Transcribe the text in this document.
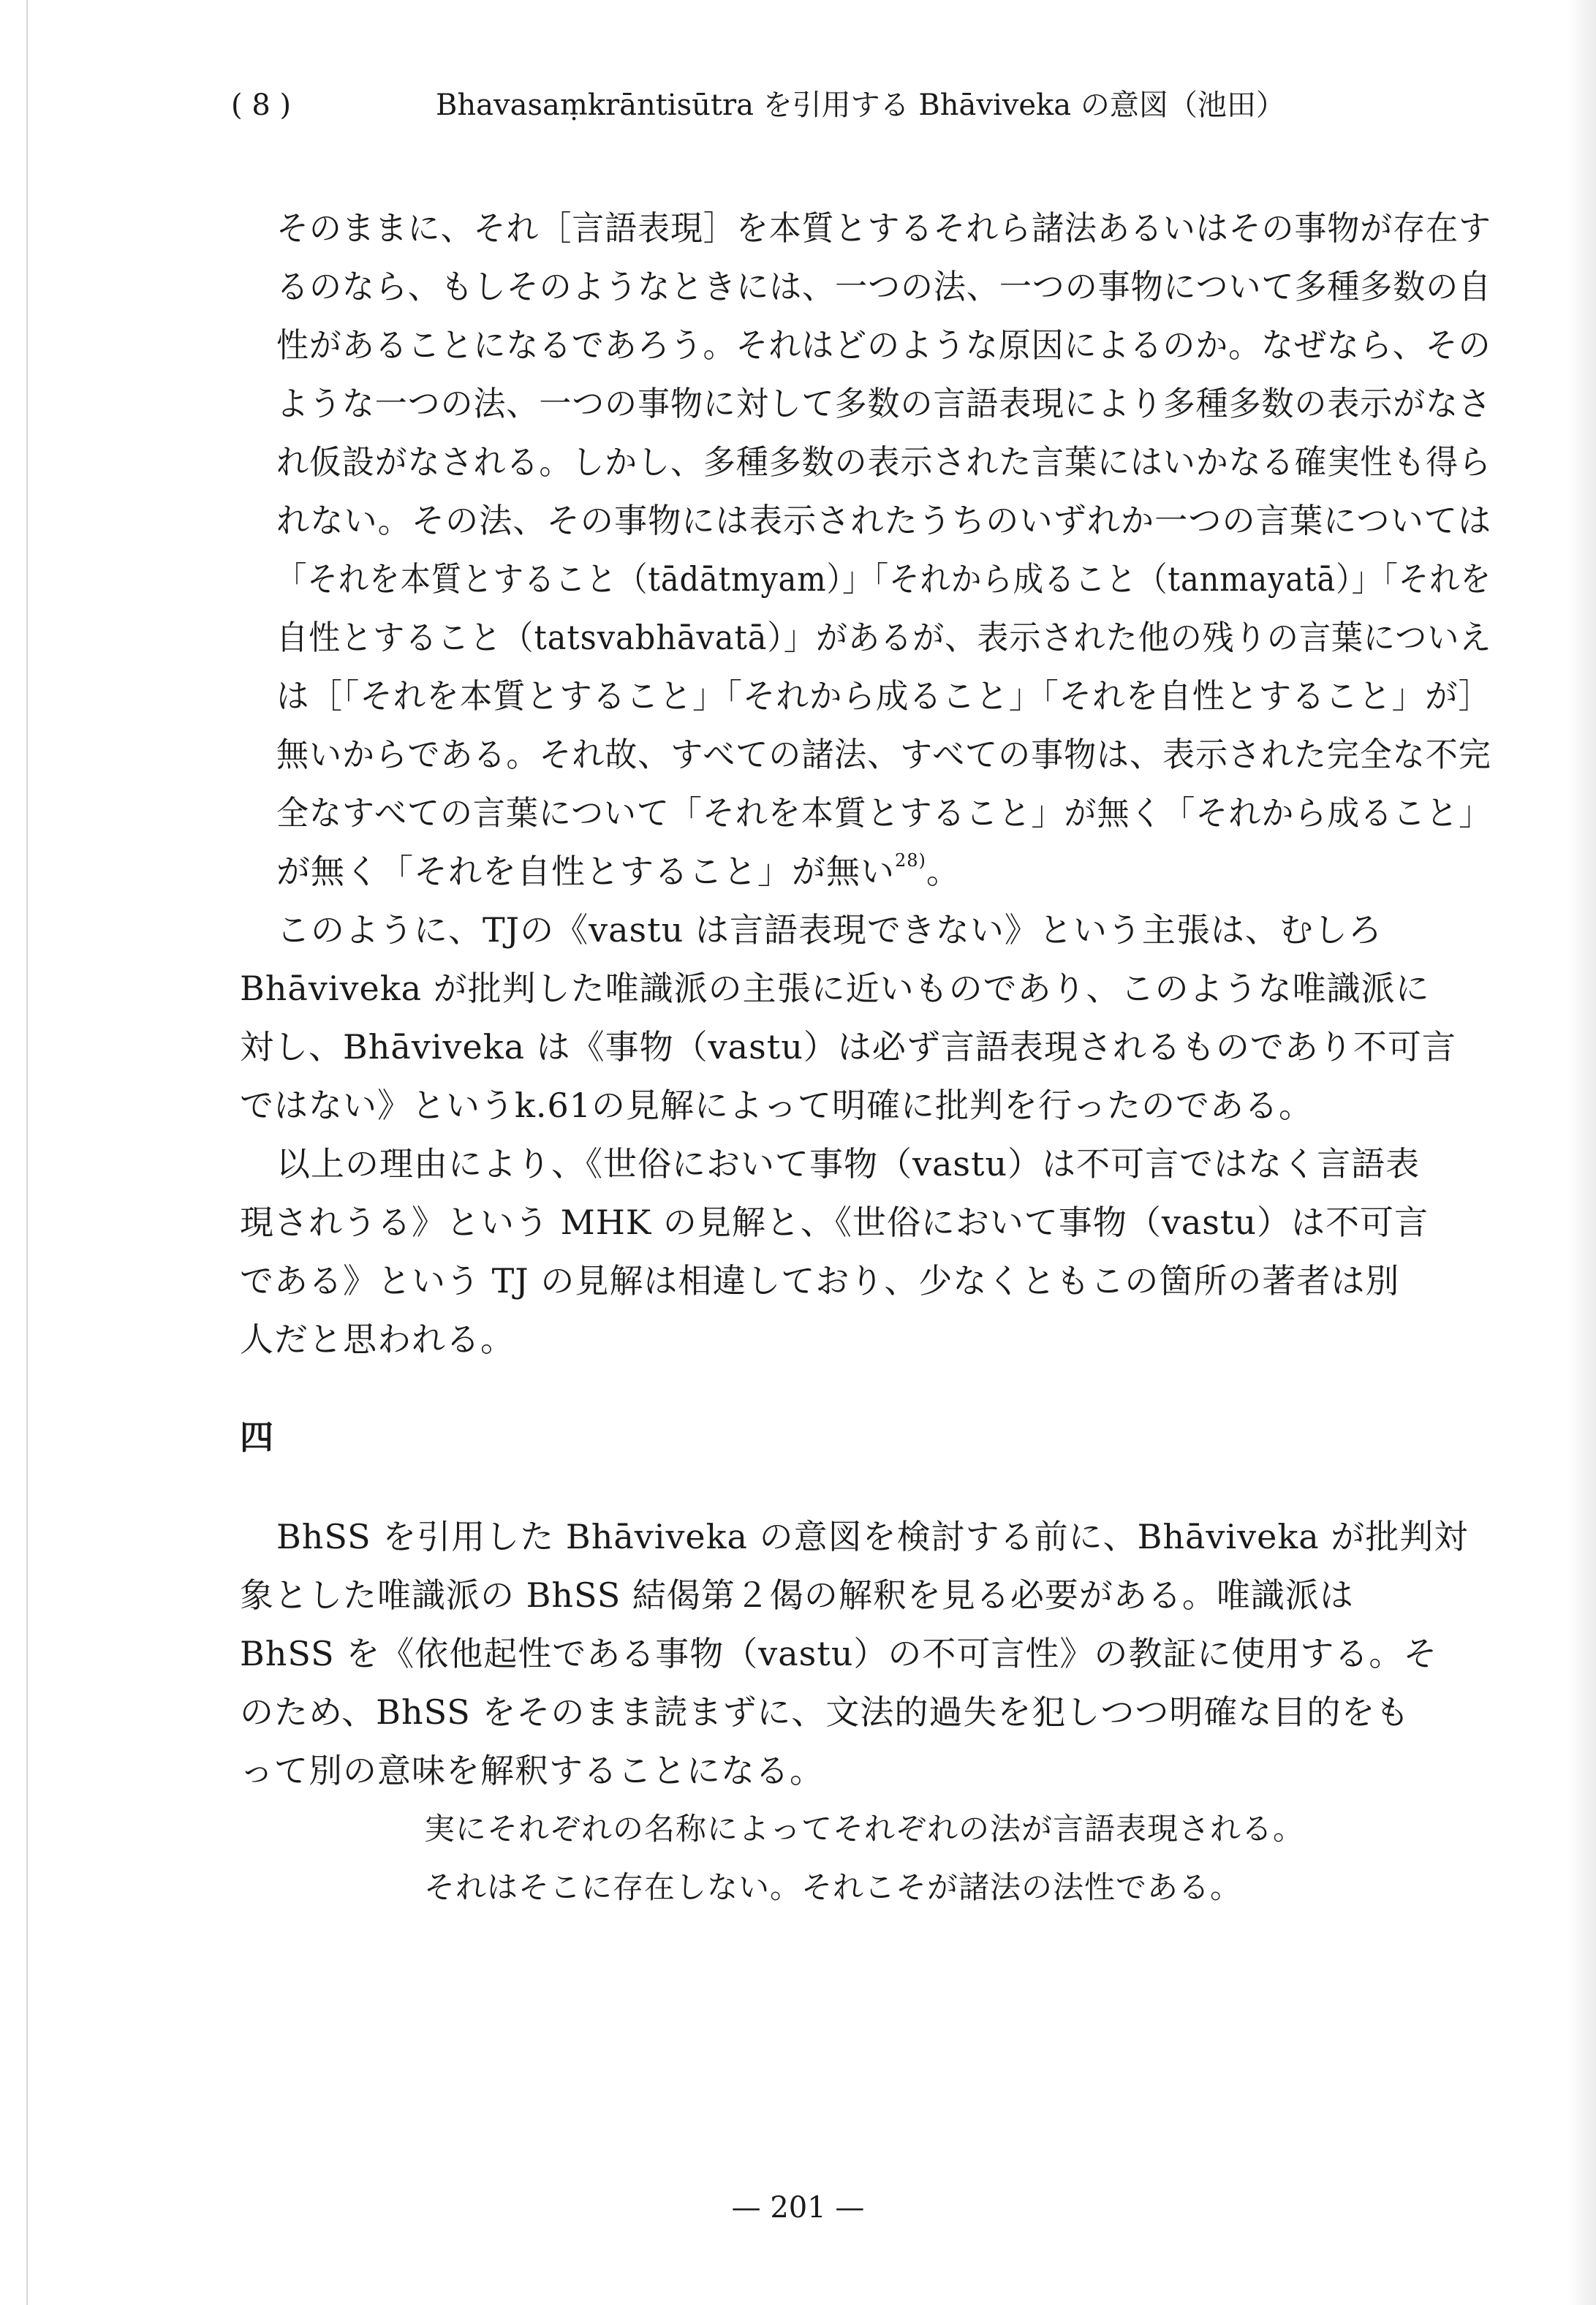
( 8 )	Bhavasaṃkrāntisūtra を引用する Bhāviveka の意図（池田）
そのままに、それ［言語表現］を本質とするそれら諸法あるいはその事物が存在す
るのなら、もしそのようなときには、一つの法、一つの事物について多種多数の自
性があることになるであろう。それはどのような原因によるのか。なぜなら、その
ような一つの法、一つの事物に対して多数の言語表現により多種多数の表示がなさ
れ仮設がなされる。しかし、多種多数の表示された言葉にはいかなる確実性も得ら
れない。その法、その事物には表示されたうちのいずれか一つの言葉については
「それを本質とすること（tādātmyam）」「それから成ること（tanmayatā）」「それを
自性とすること（tatsvabhāvatā）」があるが、表示された他の残りの言葉についえ
は［「それを本質とすること」「それから成ること」「それを自性とすること」が］
無いからである。それ故、すべての諸法、すべての事物は、表示された完全な不完
全なすべての言葉について「それを本質とすること」が無く「それから成ること」
が無く「それを自性とすること」が無い$^{28)}$。
このように、TJの《vastu は言語表現できない》という主張は、むしろ
Bhāviveka が批判した唯識派の主張に近いものであり、このような唯識派に
対し、Bhāviveka は《事物（vastu）は必ず言語表現されるものであり不可言
ではない》というk.61の見解によって明確に批判を行ったのである。
以上の理由により、《世俗において事物（vastu）は不可言ではなく言語表
現されうる》という MHK の見解と、《世俗において事物（vastu）は不可言
である》という TJ の見解は相違しており、少なくともこの箇所の著者は別
人だと思われる。
四
BhSS を引用した Bhāviveka の意図を検討する前に、Bhāviveka が批判対
象とした唯識派の BhSS 結偈第２偈の解釈を見る必要がある。唯識派は
BhSS を《依他起性である事物（vastu）の不可言性》の教証に使用する。そ
のため、BhSS をそのまま読まずに、文法的過失を犯しつつ明確な目的をも
って別の意味を解釈することになる。
実にそれぞれの名称によってそれぞれの法が言語表現される。
それはそこに存在しない。それこそが諸法の法性である。
— 201 —
